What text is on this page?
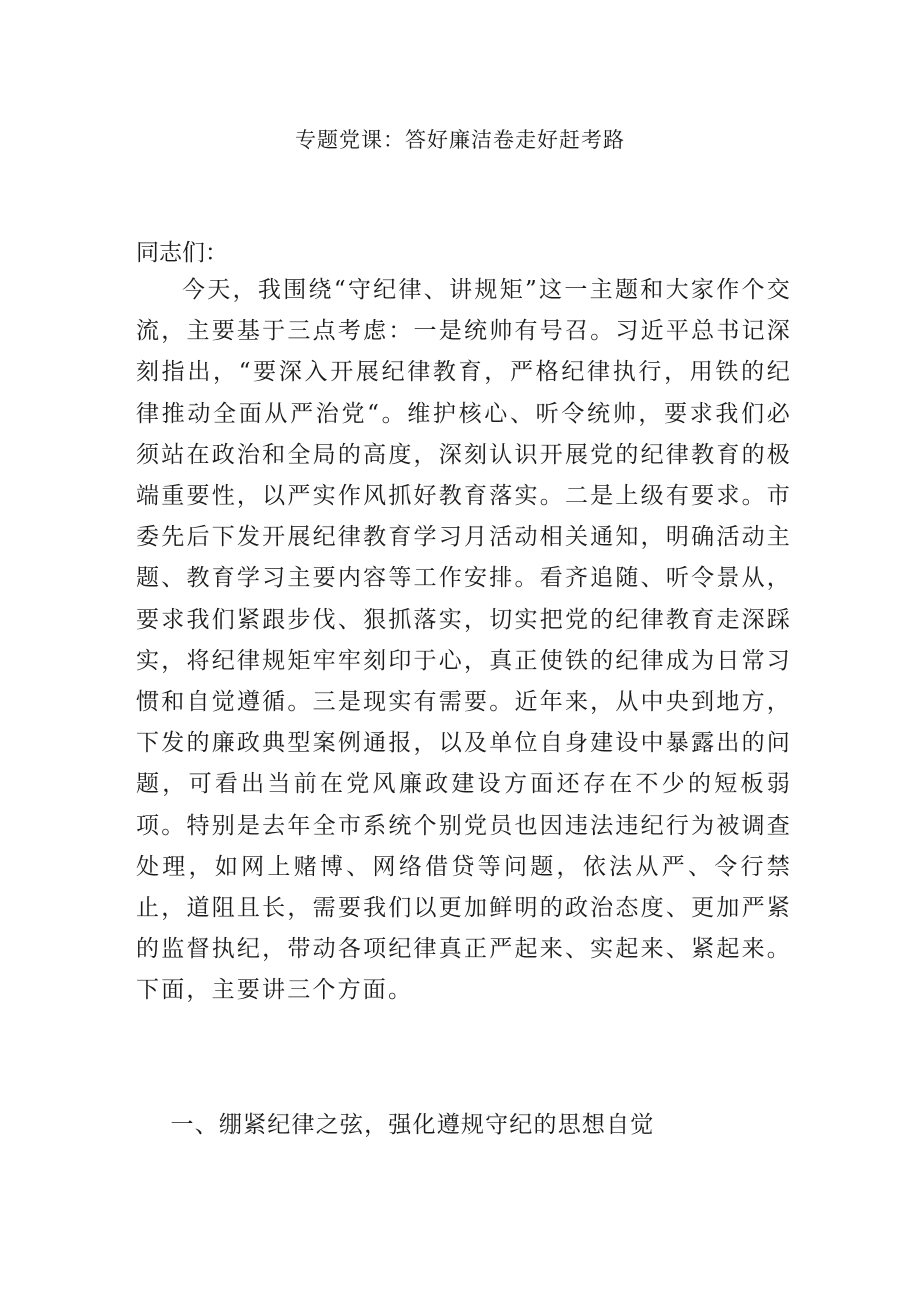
专题党课：答好廉洁卷走好赶考路

同志们：

今天，我围绕“守纪律、讲规矩”这一主题和大家作个交流，主要基于三点考虑：一是统帅有号召。习近平总书记深刻指出，“要深入开展纪律教育，严格纪律执行，用铁的纪律推动全面从严治党“。维护核心、听令统帅，要求我们必须站在政治和全局的高度，深刻认识开展党的纪律教育的极端重要性，以严实作风抓好教育落实。二是上级有要求。市委先后下发开展纪律教育学习月活动相关通知，明确活动主题、教育学习主要内容等工作安排。看齐追随、听令景从，要求我们紧跟步伐、狠抓落实，切实把党的纪律教育走深踩实，将纪律规矩牢牢刻印于心，真正使铁的纪律成为日常习惯和自觉遵循。三是现实有需要。近年来，从中央到地方，下发的廉政典型案例通报，以及单位自身建设中暴露出的问题，可看出当前在党风廉政建设方面还存在不少的短板弱项。特别是去年全市系统个别党员也因违法违纪行为被调查处理，如网上赌博、网络借贷等问题，依法从严、令行禁止，道阻且长，需要我们以更加鲜明的政治态度、更加严紧的监督执纪，带动各项纪律真正严起来、实起来、紧起来。下面，主要讲三个方面。

一、绷紧纪律之弦，强化遵规守纪的思想自觉
